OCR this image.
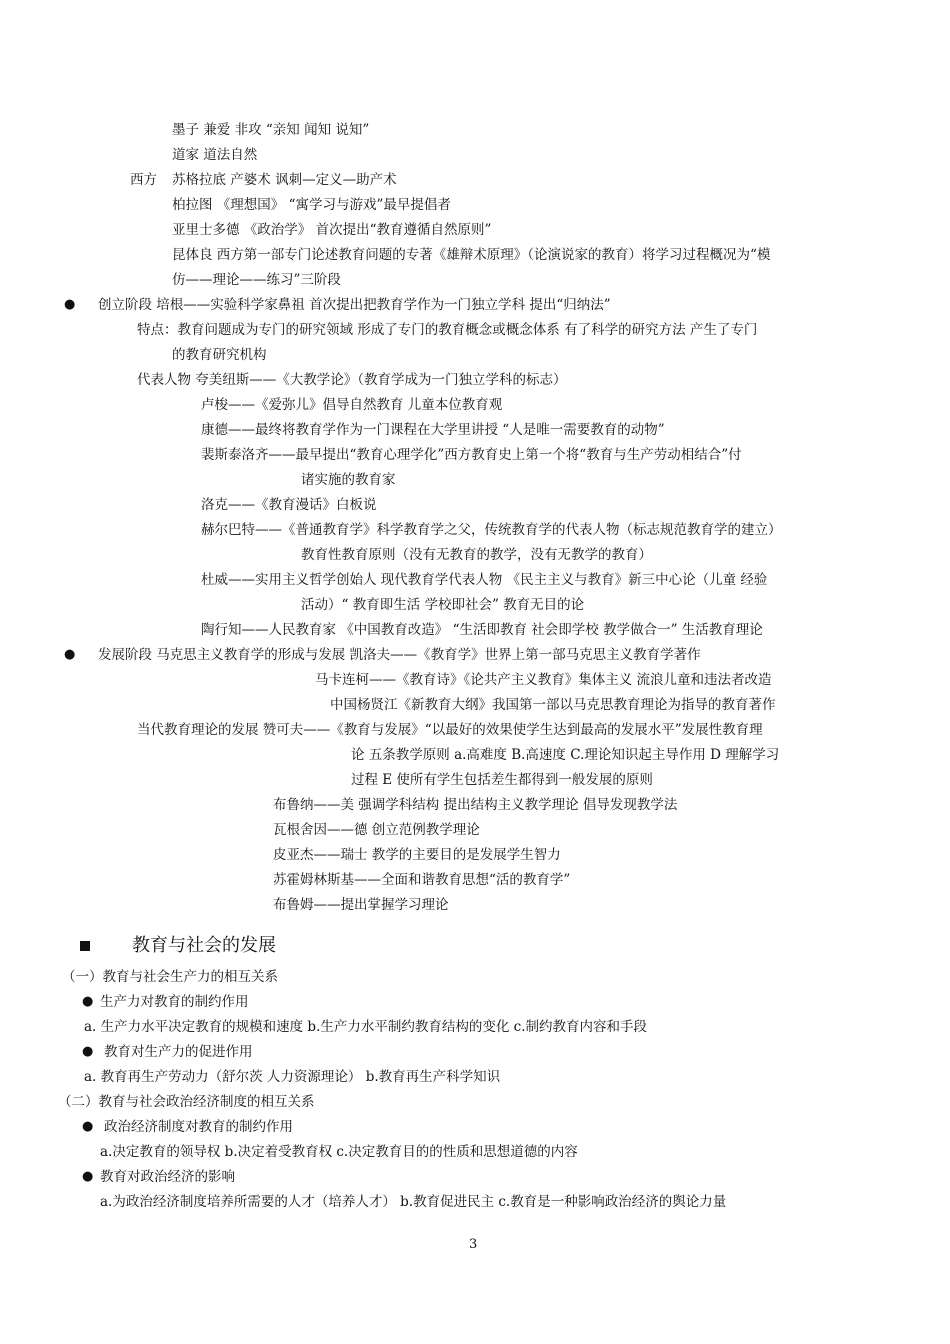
墨子 兼爱 非攻 “亲知 闻知 说知”
道家 道法自然
西方 苏格拉底 产婆术 讽刺—定义—助产术
柏拉图 《理想国》 “寓学习与游戏”最早提倡者
亚里士多德 《政治学》 首次提出“教育遵循自然原则”
昆体良 西方第一部专门论述教育问题的专著《雄辩术原理》（论演说家的教育）将学习过程概况为“模
仿——理论——练习”三阶段
● 创立阶段 培根——实验科学家鼻祖 首次提出把教育学作为一门独立学科 提出“归纳法”
特点：教育问题成为专门的研究领域 形成了专门的教育概念或概念体系 有了科学的研究方法 产生了专门
的教育研究机构
代表人物 夸美纽斯——《大教学论》（教育学成为一门独立学科的标志）
卢梭——《爱弥儿》倡导自然教育 儿童本位教育观
康德——最终将教育学作为一门课程在大学里讲授 “人是唯一需要教育的动物”
裴斯泰洛齐——最早提出“教育心理学化”西方教育史上第一个将“教育与生产劳动相结合”付
诸实施的教育家
洛克——《教育漫话》白板说
赫尔巴特——《普通教育学》科学教育学之父，传统教育学的代表人物（标志规范教育学的建立）
教育性教育原则（没有无教育的教学，没有无教学的教育）
杜威——实用主义哲学创始人 现代教育学代表人物 《民主主义与教育》新三中心论（儿童 经验
活动）“ 教育即生活 学校即社会” 教育无目的论
陶行知——人民教育家 《中国教育改造》 “生活即教育 社会即学校 教学做合一” 生活教育理论
● 发展阶段 马克思主义教育学的形成与发展 凯洛夫——《教育学》世界上第一部马克思主义教育学著作
马卡连柯——《教育诗》《论共产主义教育》集体主义 流浪儿童和违法者改造
中国杨贤江《新教育大纲》我国第一部以马克思教育理论为指导的教育著作
当代教育理论的发展 赞可夫——《教育与发展》“以最好的效果使学生达到最高的发展水平”发展性教育理
论 五条教学原则 a.高难度 B.高速度 C.理论知识起主导作用 D 理解学习
过程 E 使所有学生包括差生都得到一般发展的原则
布鲁纳——美 强调学科结构 提出结构主义教学理论 倡导发现教学法
瓦根舍因——德 创立范例教学理论
皮亚杰——瑞士 教学的主要目的是发展学生智力
苏霍姆林斯基——全面和谐教育思想“活的教育学”
布鲁姆——提出掌握学习理论
教育与社会的发展
（一）教育与社会生产力的相互关系
● 生产力对教育的制约作用
a. 生产力水平决定教育的规模和速度 b.生产力水平制约教育结构的变化 c.制约教育内容和手段
● 教育对生产力的促进作用
a. 教育再生产劳动力（舒尔茨 人力资源理论） b.教育再生产科学知识
（二）教育与社会政治经济制度的相互关系
● 政治经济制度对教育的制约作用
a.决定教育的领导权 b.决定着受教育权 c.决定教育目的的性质和思想道德的内容
● 教育对政治经济的影响
a.为政治经济制度培养所需要的人才（培养人才） b.教育促进民主 c.教育是一种影响政治经济的舆论力量
3
